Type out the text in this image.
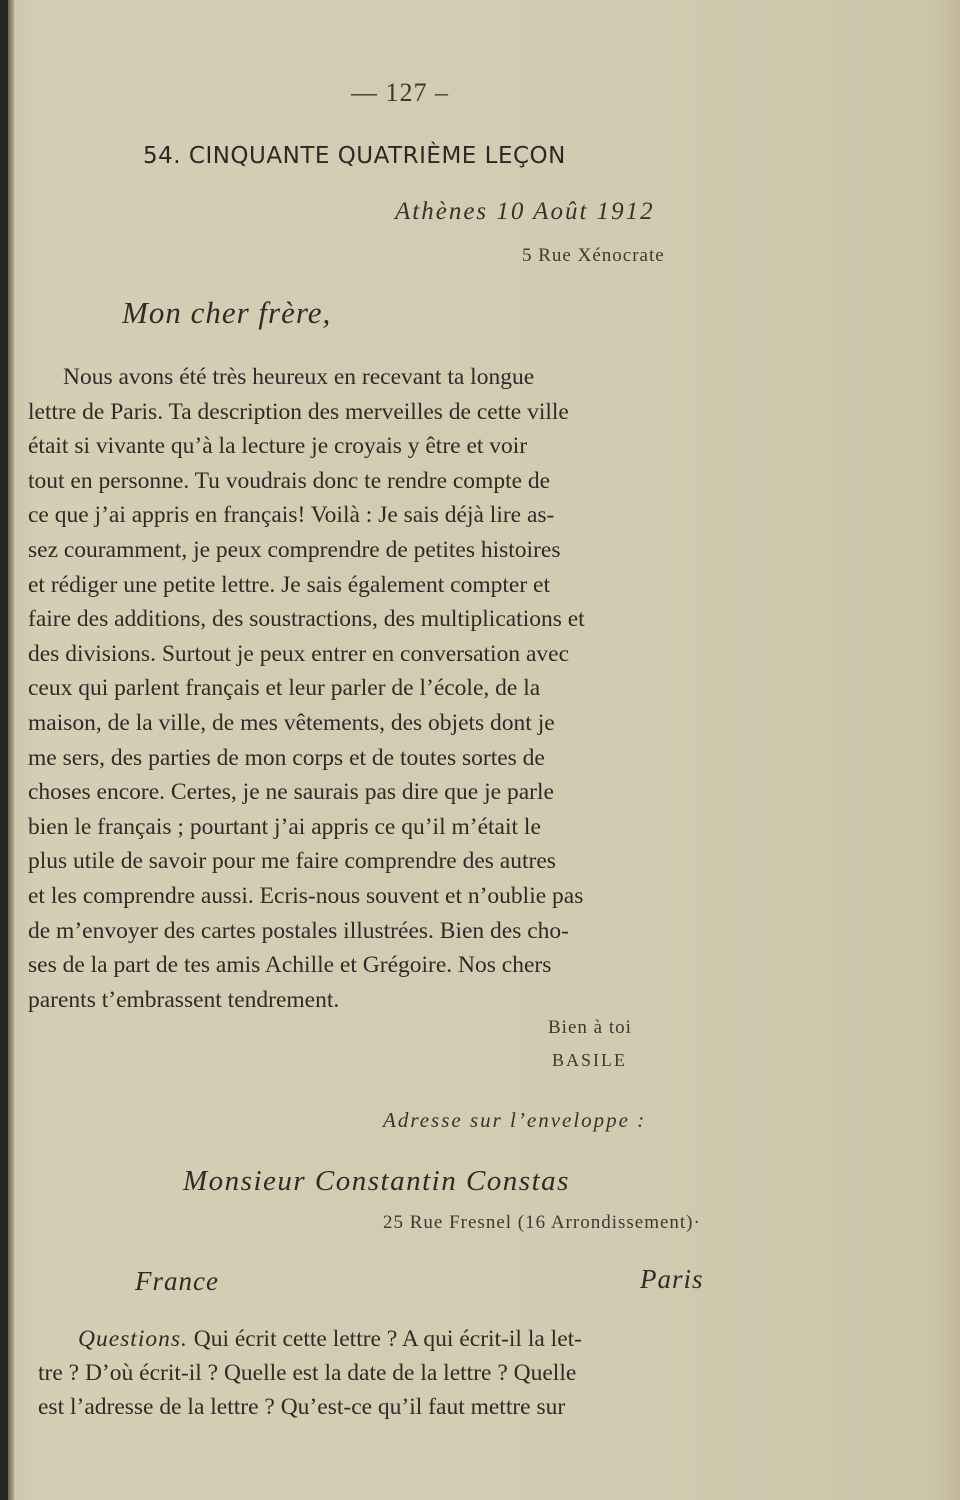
— 127 –
54. CINQUANTE QUATRIÈME LEÇON
Athènes 10 Août 1912
5 Rue Xénocrate
Mon cher frère,
Nous avons été très heureux en recevant ta longue
lettre de Paris. Ta description des merveilles de cette ville
était si vivante qu’à la lecture je croyais y être et voir
tout en personne. Tu voudrais donc te rendre compte de
ce que j’ai appris en français! Voilà : Je sais déjà lire as-
sez couramment, je peux comprendre de petites histoires
et rédiger une petite lettre. Je sais également compter et
faire des additions, des soustractions, des multiplications et
des divisions. Surtout je peux entrer en conversation avec
ceux qui parlent français et leur parler de l’école, de la
maison, de la ville, de mes vêtements, des objets dont je
me sers, des parties de mon corps et de toutes sortes de
choses encore. Certes, je ne saurais pas dire que je parle
bien le français ; pourtant j’ai appris ce qu’il m’était le
plus utile de savoir pour me faire comprendre des autres
et les comprendre aussi. Ecris-nous souvent et n’oublie pas
de m’envoyer des cartes postales illustrées. Bien des cho-
ses de la part de tes amis Achille et Grégoire. Nos chers
parents t’embrassent tendrement.
Bien à toi
BASILE
Adresse sur l’enveloppe :
Monsieur Constantin Constas
25 Rue Fresnel (16 Arrondissement)·
France	Paris
Questions. Qui écrit cette lettre ? A qui écrit-il la let-
tre ? D’où écrit-il ? Quelle est la date de la lettre ? Quelle
est l’adresse de la lettre ? Qu’est-ce qu’il faut mettre sur
